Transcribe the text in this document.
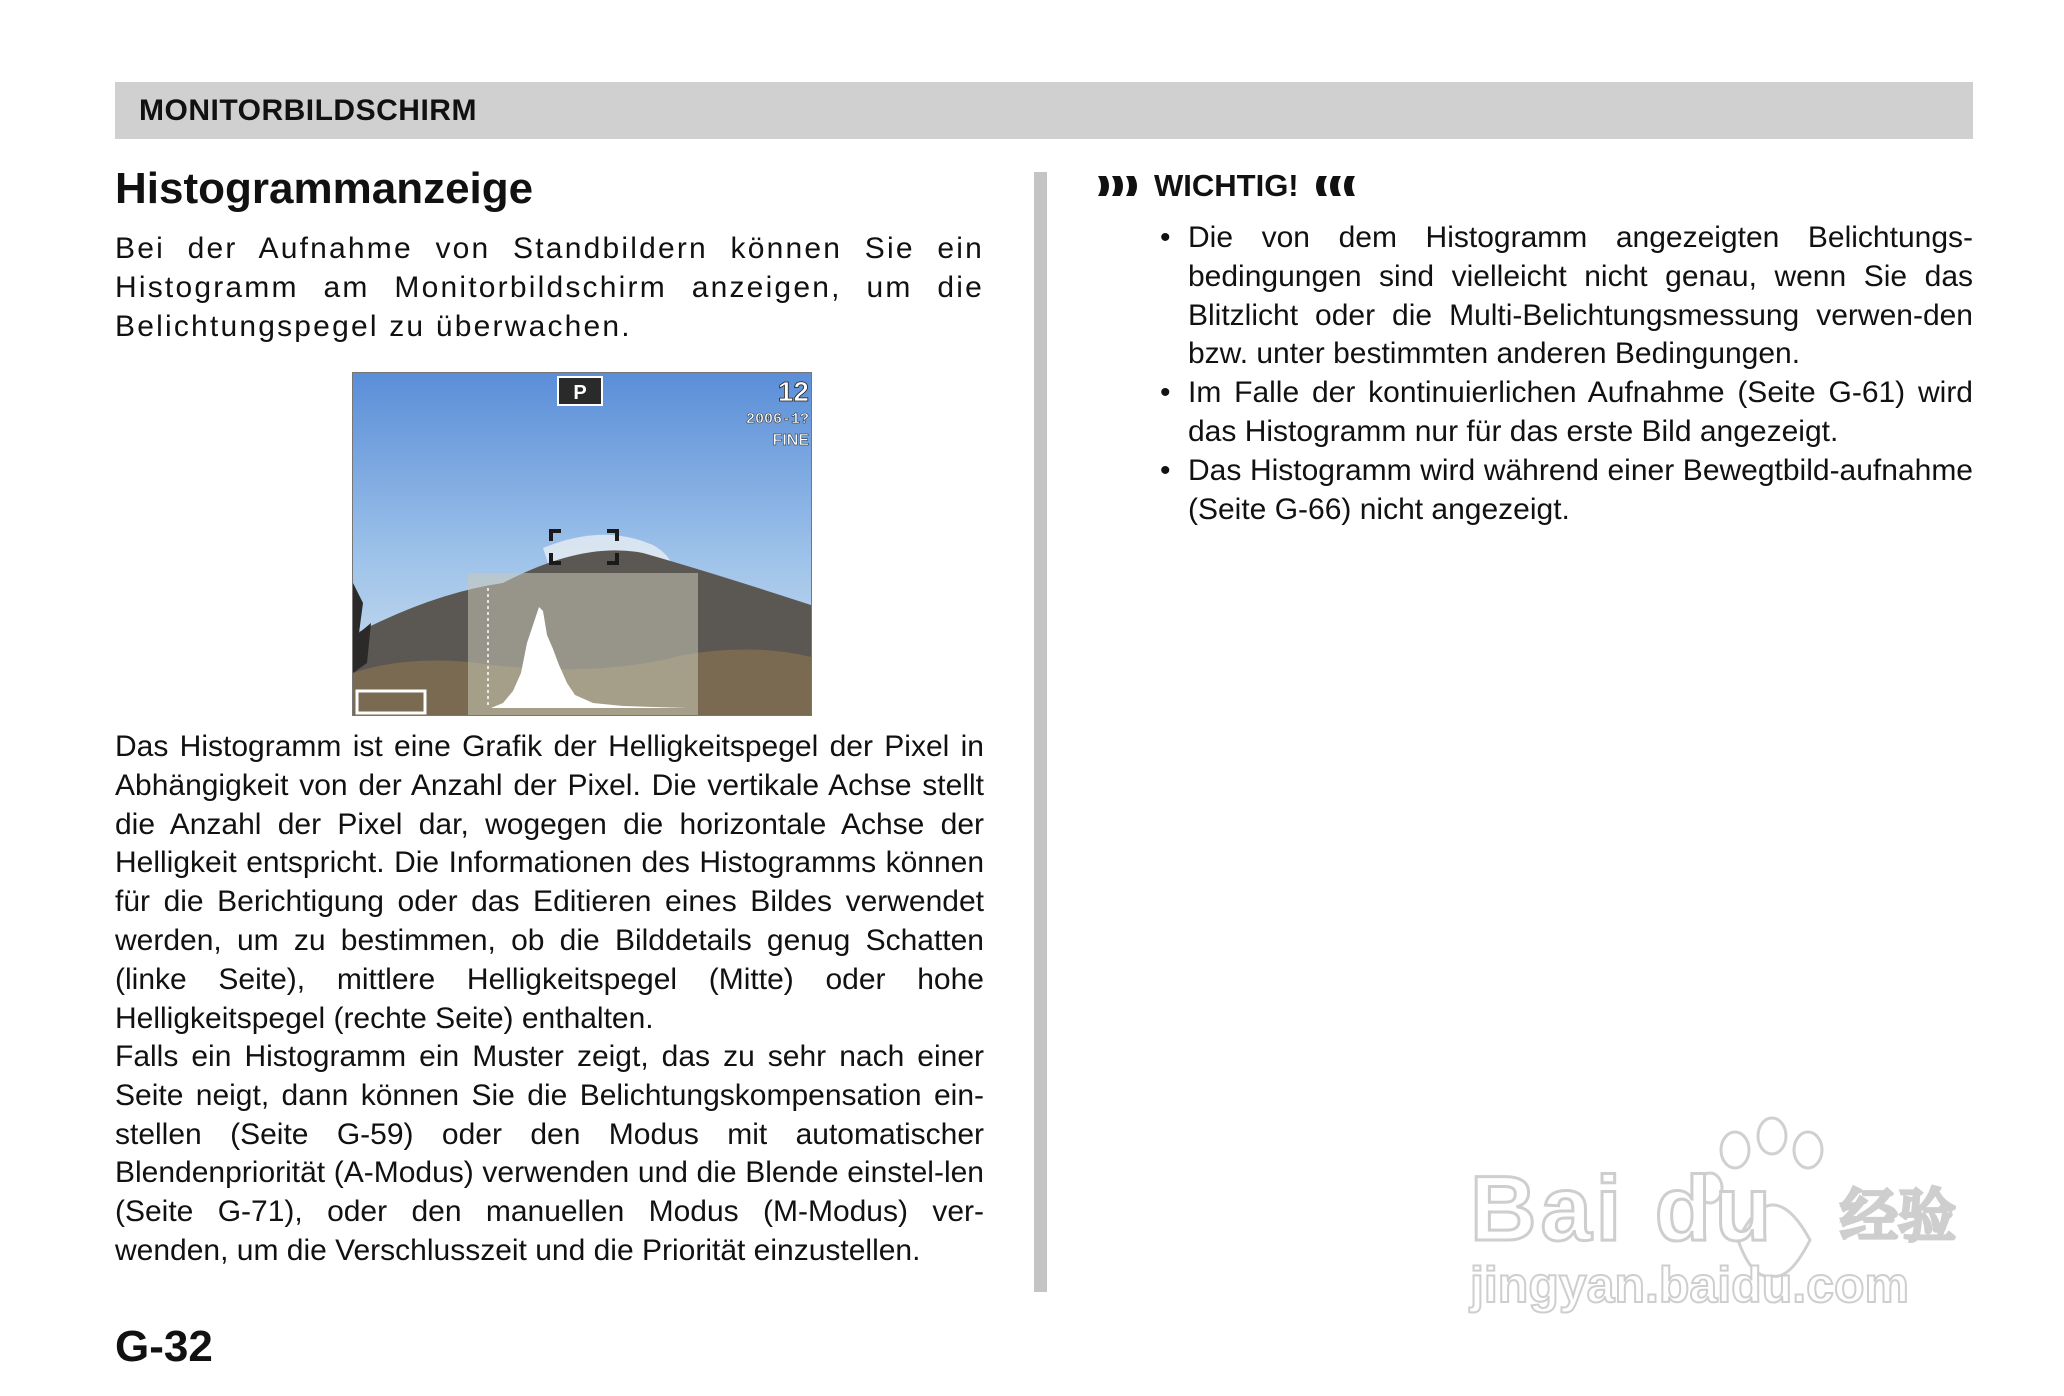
MONITORBILDSCHIRM
Histogrammanzeige
Bei der Aufnahme von Standbildern können Sie ein Histogramm am Monitorbildschirm anzeigen, um die Belichtungspegel zu überwachen.
P	12
2006-1?
FINE
Das Histogramm ist eine Grafik der Helligkeitspegel der Pixel in Abhängigkeit von der Anzahl der Pixel. Die vertikale Achse stellt die Anzahl der Pixel dar, wogegen die horizontale Achse der Helligkeit entspricht. Die Informationen des Histogramms können für die Berichtigung oder das Editieren eines Bildes verwendet werden, um zu bestimmen, ob die Bilddetails genug Schatten (linke Seite), mittlere Helligkeitspegel (Mitte) oder hohe Helligkeitspegel (rechte Seite) enthalten.
Falls ein Histogramm ein Muster zeigt, das zu sehr nach einer Seite neigt, dann können Sie die Belichtungskompensation ein-stellen (Seite G-59) oder den Modus mit automatischer Blendenpriorität (A-Modus) verwenden und die Blende einstel-len (Seite G-71), oder den manuellen Modus (M-Modus) ver-wenden, um die Verschlusszeit und die Priorität einzustellen.
WICHTIG!
• Die von dem Histogramm angezeigten Belichtungs-bedingungen sind vielleicht nicht genau, wenn Sie das Blitzlicht oder die Multi-Belichtungsmessung verwen-den bzw. unter bestimmten anderen Bedingungen.
• Im Falle der kontinuierlichen Aufnahme (Seite G-61) wird das Histogramm nur für das erste Bild angezeigt.
• Das Histogramm wird während einer Bewegtbild-aufnahme (Seite G-66) nicht angezeigt.
G-32
Bai du 经验
jingyan.baidu.com
